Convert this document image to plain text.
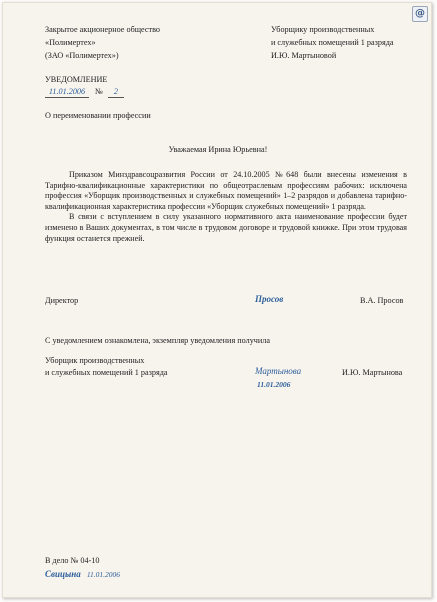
@
Закрытое акционерное общество
«Полимертех»
(ЗАО «Полимертех»)
Уборщику производственных
и служебных помещений 1 разряда
И.Ю. Мартыновой
УВЕДОМЛЕНИЕ
11.01.2006 № 2
О переименовании профессии
Уважаемая Ирина Юрьевна!

Приказом Минздравсоцразвития России от 24.10.2005 №648 были внесены изменения в Тарифно-квалификационные характеристики по общеотраслевым профессиям рабочих: исключена профессия «Уборщик производственных и служебных помещений» 1–2 разрядов и добавлена тарифно-квалификационная характеристика профессии «Уборщик служебных помещений» 1 разряда.

В связи с вступлением в силу указанного нормативного акта наименование профессии будет изменено в Ваших документах, в том числе в трудовом договоре и трудовой книжке. При этом трудовая функция останется прежней.

Директор	Просов	В.А. Просов
С уведомлением ознакомлена, экземпляр уведомления получила
Уборщик производственных
и служебных помещений 1 разряда	Мартынова
11.01.2006
И.Ю. Мартынова
В дело № 04-10
Свицына 11.01.2006
